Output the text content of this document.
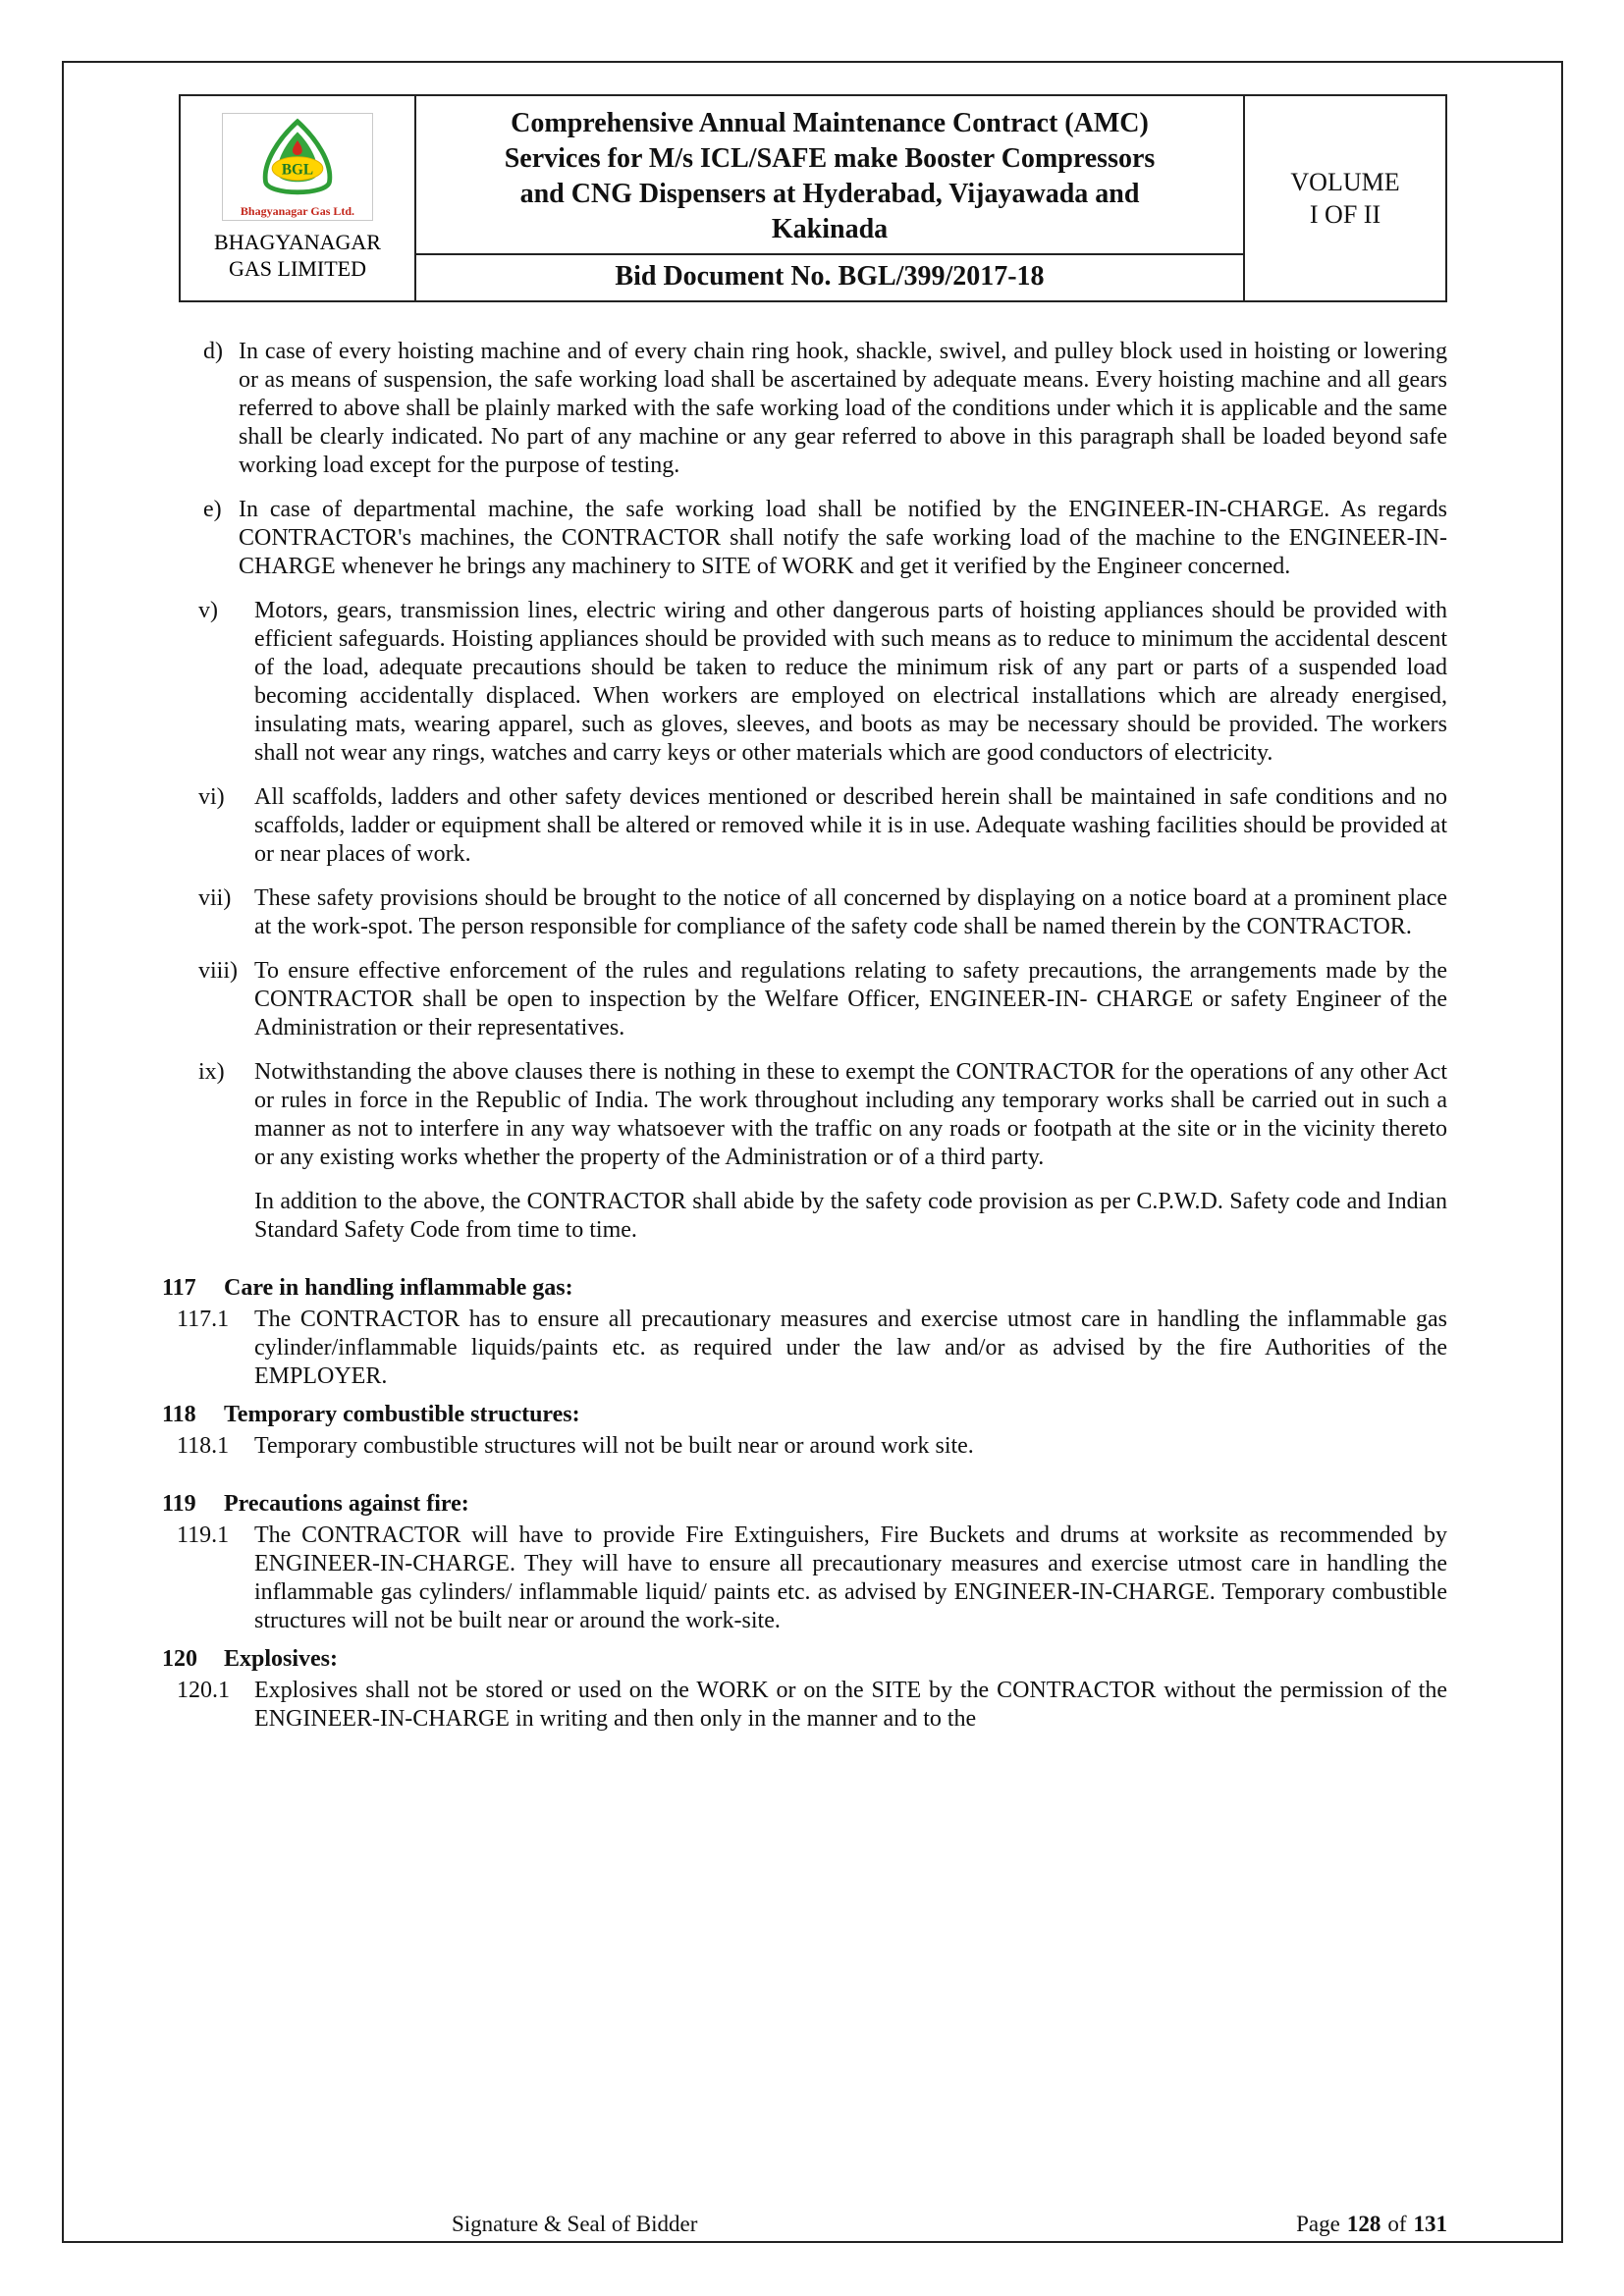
BGL
Bhagyanagar Gas Ltd.
BHAGYANAGAR
GAS LIMITED
Comprehensive Annual Maintenance Contract (AMC)
Services for M/s ICL/SAFE make Booster Compressors
and CNG Dispensers at Hyderabad, Vijayawada and
Kakinada
Bid Document No. BGL/399/2017-18
VOLUME
I OF II
d) In case of every hoisting machine and of every chain ring hook, shackle, swivel, and pulley block used in hoisting or lowering or as means of suspension, the safe working load shall be ascertained by adequate means. Every hoisting machine and all gears referred to above shall be plainly marked with the safe working load of the conditions under which it is applicable and the same shall be clearly indicated. No part of any machine or any gear referred to above in this paragraph shall be loaded beyond safe working load except for the purpose of testing.

e) In case of departmental machine, the safe working load shall be notified by the ENGINEER-IN-CHARGE. As regards CONTRACTOR's machines, the CONTRACTOR shall notify the safe working load of the machine to the ENGINEER-IN-CHARGE whenever he brings any machinery to SITE of WORK and get it verified by the Engineer concerned.

v)	Motors, gears, transmission lines, electric wiring and other dangerous parts of hoisting appliances should be provided with efficient safeguards. Hoisting appliances should be provided with such means as to reduce to minimum the accidental descent of the load, adequate precautions should be taken to reduce the minimum risk of any part or parts of a suspended load becoming accidentally displaced. When workers are employed on electrical installations which are already energised, insulating mats, wearing apparel, such as gloves, sleeves, and boots as may be necessary should be provided. The workers shall not wear any rings, watches and carry keys or other materials which are good conductors of electricity.

vi)	All scaffolds, ladders and other safety devices mentioned or described herein shall be maintained in safe conditions and no scaffolds, ladder or equipment shall be altered or removed while it is in use. Adequate washing facilities should be provided at or near places of work.

vii) These safety provisions should be brought to the notice of all concerned by displaying on a notice board at a prominent place at the work-spot. The person responsible for compliance of the safety code shall be named therein by the CONTRACTOR.

viii) To ensure effective enforcement of the rules and regulations relating to safety precautions, the arrangements made by the CONTRACTOR shall be open to inspection by the Welfare Officer, ENGINEER-IN- CHARGE or safety Engineer of the Administration or their representatives.

ix)	Notwithstanding the above clauses there is nothing in these to exempt the CONTRACTOR for the operations of any other Act or rules in force in the Republic of India. The work throughout including any temporary works shall be carried out in such a manner as not to interfere in any way whatsoever with the traffic on any roads or footpath at the site or in the vicinity thereto or any existing works whether the property of the Administration or of a third party.

In addition to the above, the CONTRACTOR shall abide by the safety code provision as per C.P.W.D. Safety code and Indian Standard Safety Code from time to time.

117	Care in handling inflammable gas:
117.1	The CONTRACTOR has to ensure all precautionary measures and exercise utmost care in handling the inflammable gas cylinder/inflammable liquids/paints etc. as required under the law and/or as advised by the fire Authorities of the EMPLOYER.

118	Temporary combustible structures:
118.1	Temporary combustible structures will not be built near or around work site.

119	Precautions against fire:
119.1	The CONTRACTOR will have to provide Fire Extinguishers, Fire Buckets and drums at worksite as recommended by ENGINEER-IN-CHARGE. They will have to ensure all precautionary measures and exercise utmost care in handling the inflammable gas cylinders/ inflammable liquid/ paints etc. as advised by ENGINEER-IN-CHARGE. Temporary combustible structures will not be built near or around the work-site.

120	Explosives:
120.1	Explosives shall not be stored or used on the WORK or on the SITE by the CONTRACTOR without the permission of the ENGINEER-IN-CHARGE in writing and then only in the manner and to the

Signature & Seal of Bidder	Page 128 of 131
